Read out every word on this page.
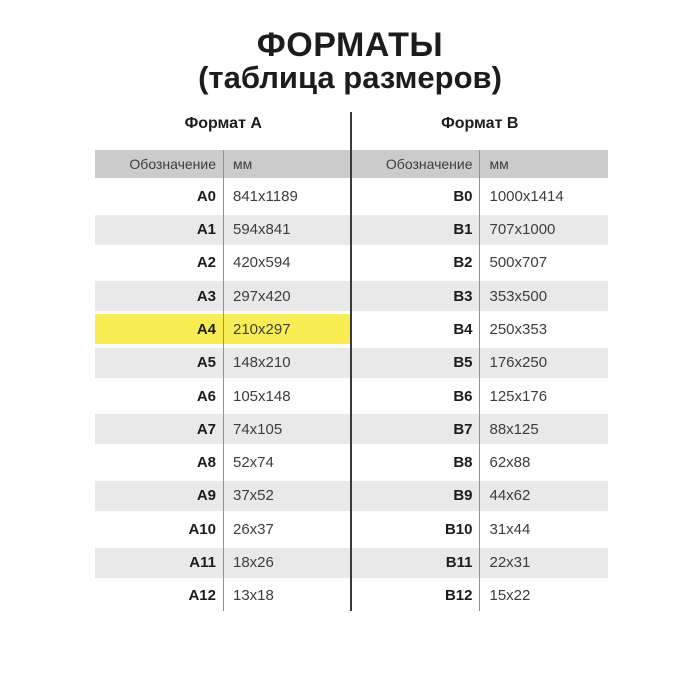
ФОРМАТЫ
(таблица размеров)
Формат А	Формат В
Обозначение	мм	Обозначение	мм
A0	841x1189	B0	1000x1414
A1	594x841	B1	707x1000
A2	420x594	B2	500x707
A3	297x420	B3	353x500
A4	210x297	B4	250x353
A5	148x210	B5	176x250
A6	105x148	B6	125x176
A7	74x105	B7	88x125
A8	52x74	B8	62x88
A9	37x52	B9	44x62
A10	26x37	B10	31x44
A11	18x26	B11	22x31
A12	13x18	B12	15x22
